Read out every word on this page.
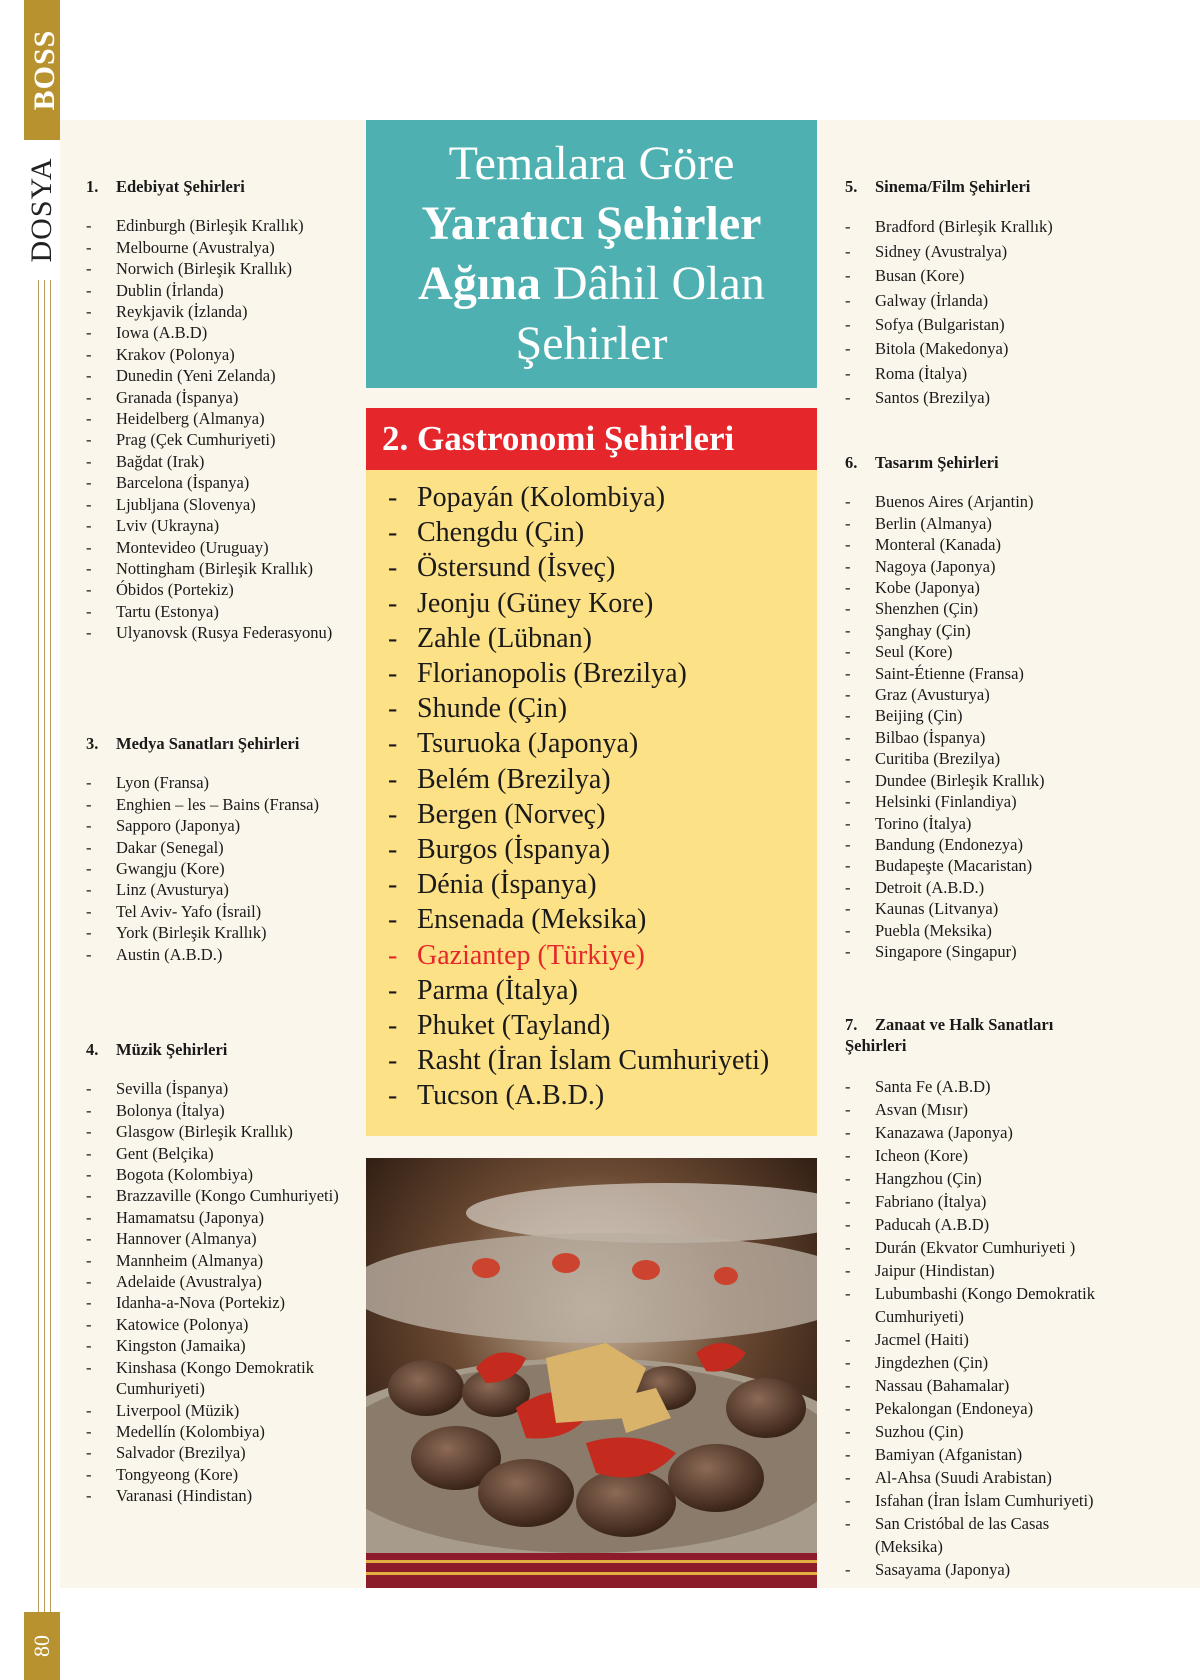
BOSS
DOSYA
80
1. Edebiyat Şehirleri
- Edinburgh (Birleşik Krallık)
- Melbourne (Avustralya)
- Norwich (Birleşik Krallık)
- Dublin (İrlanda)
- Reykjavik (İzlanda)
- Iowa (A.B.D)
- Krakov (Polonya)
- Dunedin (Yeni Zelanda)
- Granada (İspanya)
- Heidelberg (Almanya)
- Prag (Çek Cumhuriyeti)
- Bağdat (Irak)
- Barcelona (İspanya)
- Ljubljana (Slovenya)
- Lviv (Ukrayna)
- Montevideo (Uruguay)
- Nottingham (Birleşik Krallık)
- Óbidos (Portekiz)
- Tartu (Estonya)
- Ulyanovsk (Rusya Federasyonu)
3. Medya Sanatları Şehirleri
- Lyon (Fransa)
- Enghien – les – Bains (Fransa)
- Sapporo (Japonya)
- Dakar (Senegal)
- Gwangju (Kore)
- Linz (Avusturya)
- Tel Aviv- Yafo (İsrail)
- York (Birleşik Krallık)
- Austin (A.B.D.)
4. Müzik Şehirleri
- Sevilla (İspanya)
- Bolonya (İtalya)
- Glasgow (Birleşik Krallık)
- Gent (Belçika)
- Bogota (Kolombiya)
- Brazzaville (Kongo Cumhuriyeti)
- Hamamatsu (Japonya)
- Hannover (Almanya)
- Mannheim (Almanya)
- Adelaide (Avustralya)
- Idanha-a-Nova (Portekiz)
- Katowice (Polonya)
- Kingston (Jamaika)
- Kinshasa (Kongo Demokratik Cumhuriyeti)
- Liverpool (Müzik)
- Medellín (Kolombiya)
- Salvador (Brezilya)
- Tongyeong (Kore)
- Varanasi (Hindistan)
Temalara Göre
Yaratıcı Şehirler
Ağına Dâhil Olan
Şehirler
2. Gastronomi Şehirleri
- Popayán (Kolombiya)
- Chengdu (Çin)
- Östersund (İsveç)
- Jeonju (Güney Kore)
- Zahle (Lübnan)
- Florianopolis (Brezilya)
- Shunde (Çin)
- Tsuruoka (Japonya)
- Belém (Brezilya)
- Bergen (Norveç)
- Burgos (İspanya)
- Dénia (İspanya)
- Ensenada (Meksika)
- Gaziantep (Türkiye)
- Parma (İtalya)
- Phuket (Tayland)
- Rasht (İran İslam Cumhuriyeti)
- Tucson (A.B.D.)
5. Sinema/Film Şehirleri
- Bradford (Birleşik Krallık)
- Sidney (Avustralya)
- Busan (Kore)
- Galway (İrlanda)
- Sofya (Bulgaristan)
- Bitola (Makedonya)
- Roma (İtalya)
- Santos (Brezilya)
6. Tasarım Şehirleri
- Buenos Aires (Arjantin)
- Berlin (Almanya)
- Monteral (Kanada)
- Nagoya (Japonya)
- Kobe (Japonya)
- Shenzhen (Çin)
- Şanghay (Çin)
- Seul (Kore)
- Saint-Étienne (Fransa)
- Graz (Avusturya)
- Beijing (Çin)
- Bilbao (İspanya)
- Curitiba (Brezilya)
- Dundee (Birleşik Krallık)
- Helsinki (Finlandiya)
- Torino (İtalya)
- Bandung (Endonezya)
- Budapeşte (Macaristan)
- Detroit (A.B.D.)
- Kaunas (Litvanya)
- Puebla (Meksika)
- Singapore (Singapur)
7. Zanaat ve Halk Sanatları Şehirleri
- Santa Fe (A.B.D)
- Asvan (Mısır)
- Kanazawa (Japonya)
- Icheon (Kore)
- Hangzhou (Çin)
- Fabriano (İtalya)
- Paducah (A.B.D)
- Durán (Ekvator Cumhuriyeti )
- Jaipur (Hindistan)
- Lubumbashi (Kongo Demokratik Cumhuriyeti)
- Jacmel (Haiti)
- Jingdezhen (Çin)
- Nassau (Bahamalar)
- Pekalongan (Endoneya)
- Suzhou (Çin)
- Bamiyan (Afganistan)
- Al-Ahsa (Suudi Arabistan)
- Isfahan (İran İslam Cumhuriyeti)
- San Cristóbal de las Casas (Meksika)
- Sasayama (Japonya)
